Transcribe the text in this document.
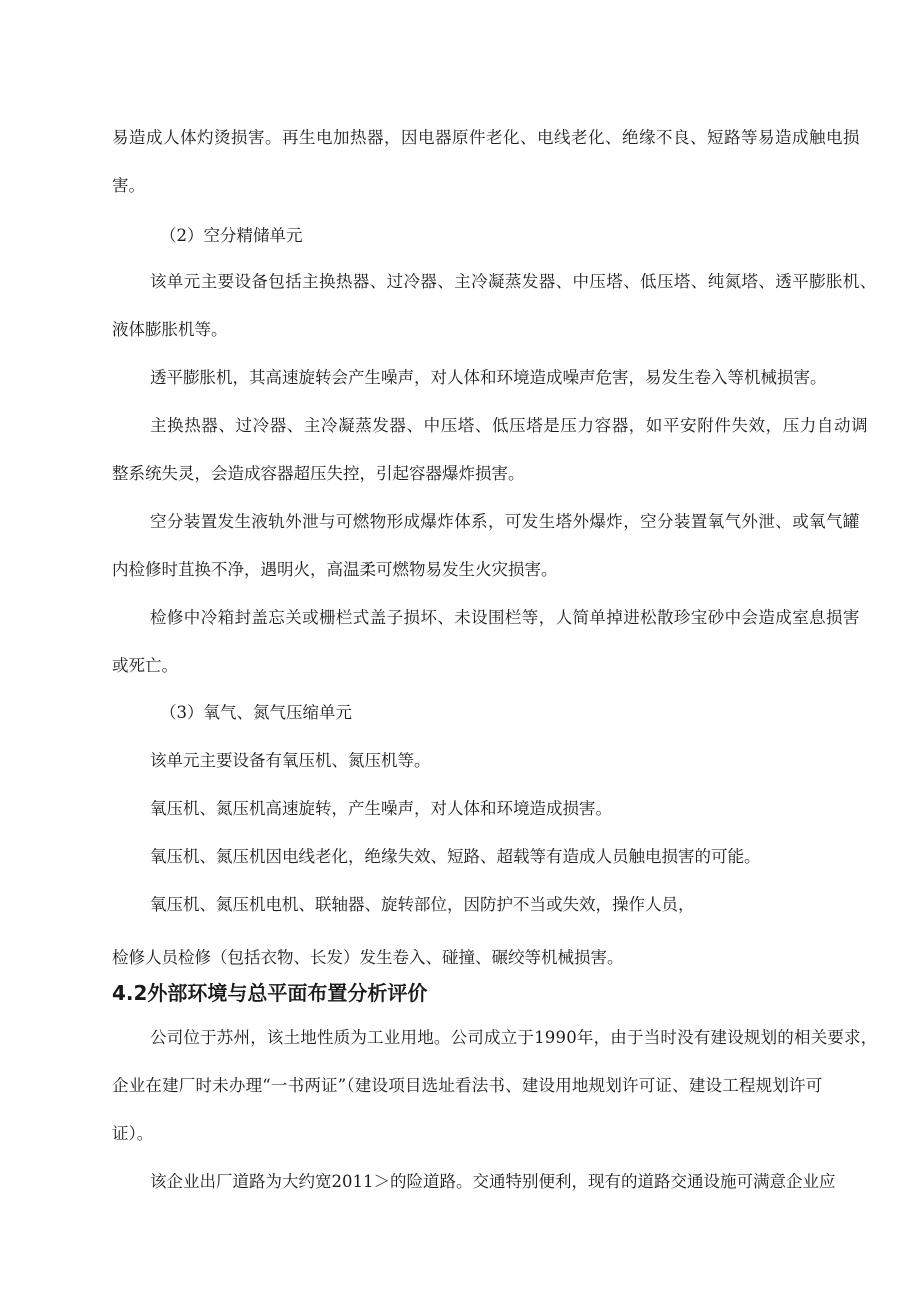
易造成人体灼烫损害。再生电加热器，因电器原件老化、电线老化、绝缘不良、短路等易造成触电损
害。
（2）空分精储单元
该单元主要设备包括主换热器、过冷器、主冷凝蒸发器、中压塔、低压塔、纯氮塔、透平膨胀机、
液体膨胀机等。
透平膨胀机，其高速旋转会产生噪声，对人体和环境造成噪声危害，易发生卷入等机械损害。
主换热器、过冷器、主冷凝蒸发器、中压塔、低压塔是压力容器，如平安附件失效，压力自动调
整系统失灵，会造成容器超压失控，引起容器爆炸损害。
空分装置发生液轨外泄与可燃物形成爆炸体系，可发生塔外爆炸，空分装置氧气外泄、或氧气罐
内检修时苴换不净，遇明火，高温柔可燃物易发生火灾损害。
检修中冷箱封盖忘关或栅栏式盖子损坏、未设围栏等，人简单掉进松散珍宝砂中会造成室息损害
或死亡。
（3）氧气、氮气压缩单元
该单元主要设备有氧压机、氮压机等。
氧压机、氮压机高速旋转，产生噪声，对人体和环境造成损害。
氧压机、氮压机因电线老化，绝缘失效、短路、超载等有造成人员触电损害的可能。
氧压机、氮压机电机、联轴器、旋转部位，因防护不当或失效，操作人员，
检修人员检修（包括衣物、长发）发生卷入、碰撞、碾绞等机械损害。
4.2外部环境与总平面布置分析评价
公司位于苏州，该土地性质为工业用地。公司成立于1990年，由于当时没有建设规划的相关要求，
企业在建厂时未办理“一书两证”（建设项目选址看法书、建设用地规划许可证、建设工程规划许可
证）。
该企业出厂道路为大约宽2011＞的险道路。交通特别便利，现有的道路交通设施可满意企业应
